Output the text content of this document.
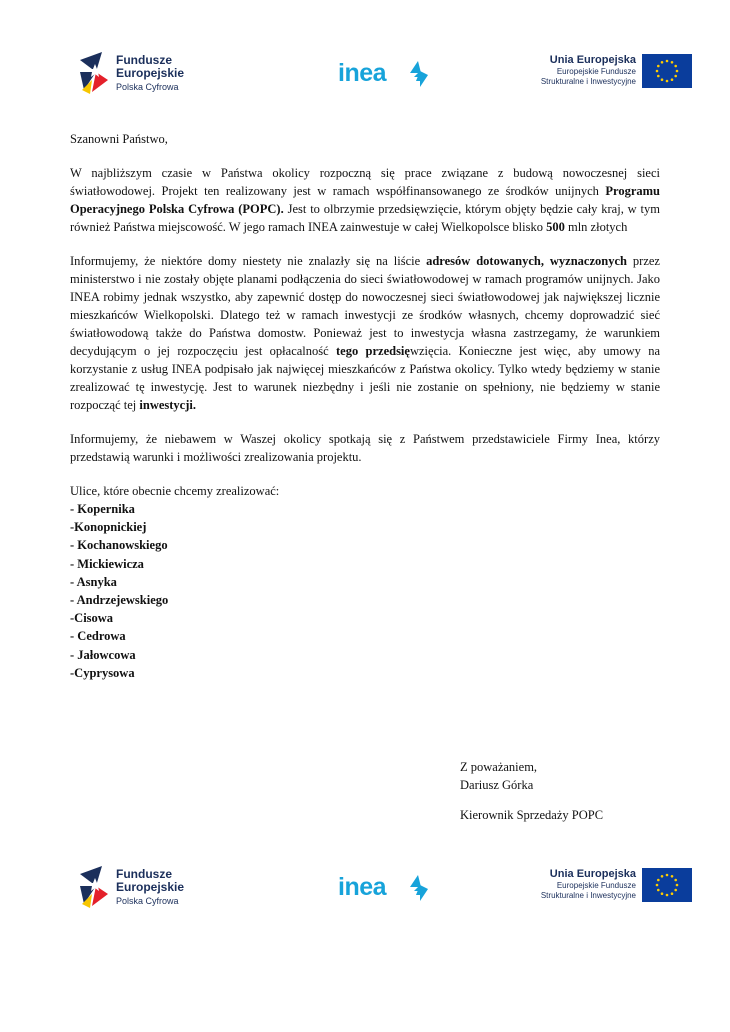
Fundusze
Europejskie
Polska Cyfrowa	inea	Unia Europejska
Europejskie Fundusze
Strukturalne i Inwestycyjne

Szanowni Państwo,

W najbliższym czasie w Państwa okolicy rozpoczną się prace związane z budową nowoczesnej sieci światłowodowej. Projekt ten realizowany jest w ramach współfinansowanego ze środków unijnych Programu Operacyjnego Polska Cyfrowa (POPC). Jest to olbrzymie przedsięwzięcie, którym objęty będzie cały kraj, w tym również Państwa miejscowość. W jego ramach INEA zainwestuje w całej Wielkopolsce blisko 500 mln złotych

Informujemy, że niektóre domy niestety nie znalazły się na liście adresów dotowanych, wyznaczonych przez ministerstwo i nie zostały objęte planami podłączenia do sieci światłowodowej w ramach programów unijnych. Jako INEA robimy jednak wszystko, aby zapewnić dostęp do nowoczesnej sieci światłowodowej jak największej licznie mieszkańców Wielkopolski. Dlatego też w ramach inwestycji ze środków własnych, chcemy doprowadzić sieć światłowodową także do Państwa domostw. Ponieważ jest to inwestycja własna zastrzegamy, że warunkiem decydującym o jej rozpoczęciu jest opłacalność tego przedsięwzięcia. Konieczne jest więc, aby umowy na korzystanie z usług INEA podpisało jak najwięcej mieszkańców z Państwa okolicy. Tylko wtedy będziemy w stanie zrealizować tę inwestycję. Jest to warunek niezbędny i jeśli nie zostanie on spełniony, nie będziemy w stanie rozpocząć tej inwestycji.

Informujemy, że niebawem w Waszej okolicy spotkają się z Państwem przedstawiciele Firmy Inea, którzy przedstawią warunki i możliwości zrealizowania projektu.

Ulice, które obecnie chcemy zrealizować:

- Kopernika

-Konopnickiej

- Kochanowskiego

- Mickiewicza

- Asnyka

- Andrzejewskiego

-Cisowa

- Cedrowa

- Jałowcowa

-Cyprysowa

Z poważaniem,
Dariusz Górka
Kierownik Sprzedaży POPC
Fundusze
Europejskie
Polska Cyfrowa	inea	Unia Europejska
Europejskie Fundusze
Strukturalne i Inwestycyjne
